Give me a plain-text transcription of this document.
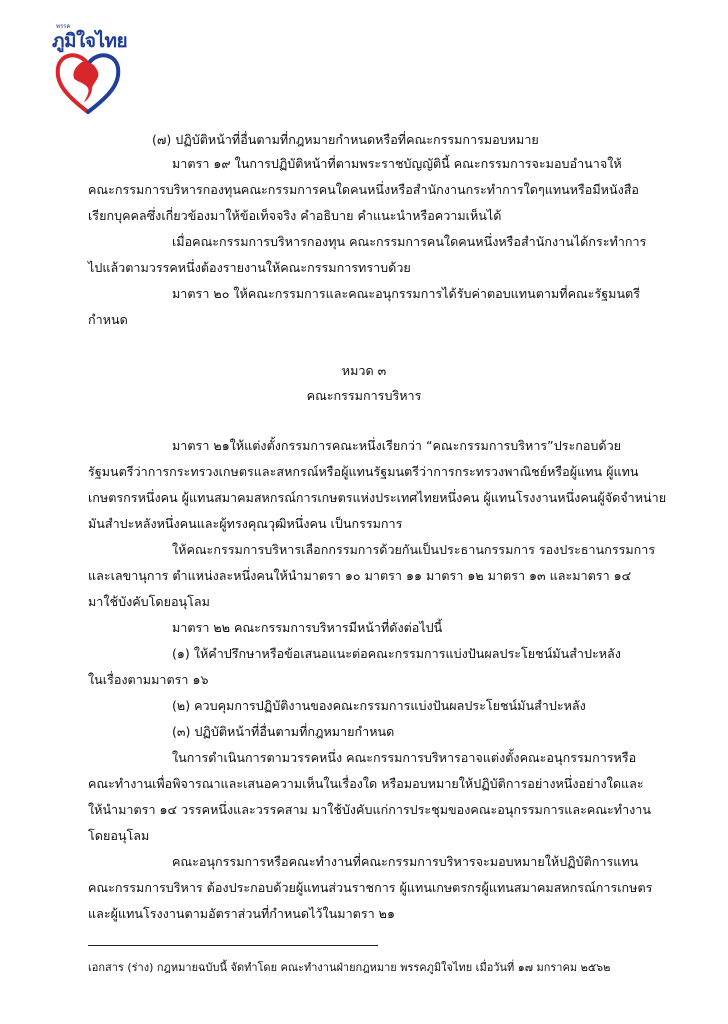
พรรค
ภูมิใจไทย
(๗) ปฏิบัติหน้าที่อื่นตามที่กฎหมายกำหนดหรือที่คณะกรรมการมอบหมาย
มาตรา ๑๙ ในการปฏิบัติหน้าที่ตามพระราชบัญญัตินี้ คณะกรรมการจะมอบอำนาจให้
คณะกรรมการบริหารกองทุนคณะกรรมการคนใดคนหนึ่งหรือสำนักงานกระทำการใดๆแทนหรือมีหนังสือ
เรียกบุคคลซึ่งเกี่ยวข้องมาให้ข้อเท็จจริง คำอธิบาย คำแนะนำหรือความเห็นได้
เมื่อคณะกรรมการบริหารกองทุน คณะกรรมการคนใดคนหนึ่งหรือสำนักงานได้กระทำการ
ไปแล้วตามวรรคหนึ่งต้องรายงานให้คณะกรรมการทราบด้วย
มาตรา ๒๐ ให้คณะกรรมการและคณะอนุกรรมการได้รับค่าตอบแทนตามที่คณะรัฐมนตรี
กำหนด
หมวด ๓
คณะกรรมการบริหาร
มาตรา ๒๑ให้แต่งตั้งกรรมการคณะหนึ่งเรียกว่า “คณะกรรมการบริหาร”ประกอบด้วย
รัฐมนตรีว่าการกระทรวงเกษตรและสหกรณ์หรือผู้แทนรัฐมนตรีว่าการกระทรวงพาณิชย์หรือผู้แทน ผู้แทน
เกษตรกรหนึ่งคน ผู้แทนสมาคมสหกรณ์การเกษตรแห่งประเทศไทยหนึ่งคน ผู้แทนโรงงานหนึ่งคนผู้จัดจำหน่าย
มันสำปะหลังหนึ่งคนและผู้ทรงคุณวุฒิหนึ่งคน เป็นกรรมการ
ให้คณะกรรมการบริหารเลือกกรรมการด้วยกันเป็นประธานกรรมการ รองประธานกรรมการ
และเลขานุการ ตำแหน่งละหนึ่งคนให้นำมาตรา ๑๐ มาตรา ๑๑ มาตรา ๑๒ มาตรา ๑๓ และมาตรา ๑๔
มาใช้บังคับโดยอนุโลม
มาตรา ๒๒ คณะกรรมการบริหารมีหน้าที่ดังต่อไปนี้
(๑) ให้คำปรึกษาหรือข้อเสนอแนะต่อคณะกรรมการแบ่งปันผลประโยชน์มันสำปะหลัง
ในเรื่องตามมาตรา ๑๖
(๒) ควบคุมการปฏิบัติงานของคณะกรรมการแบ่งปันผลประโยชน์มันสำปะหลัง
(๓) ปฏิบัติหน้าที่อื่นตามที่กฎหมายกำหนด
ในการดำเนินการตามวรรคหนึ่ง คณะกรรมการบริหารอาจแต่งตั้งคณะอนุกรรมการหรือ
คณะทำงานเพื่อพิจารณาและเสนอความเห็นในเรื่องใด หรือมอบหมายให้ปฏิบัติการอย่างหนึ่งอย่างใดและ
ให้นำมาตรา ๑๔ วรรคหนึ่งและวรรคสาม มาใช้บังคับแก่การประชุมของคณะอนุกรรมการและคณะทำงาน
โดยอนุโลม
คณะอนุกรรมการหรือคณะทำงานที่คณะกรรมการบริหารจะมอบหมายให้ปฏิบัติการแทน
คณะกรรมการบริหาร ต้องประกอบด้วยผู้แทนส่วนราชการ ผู้แทนเกษตรกรผู้แทนสมาคมสหกรณ์การเกษตร
และผู้แทนโรงงานตามอัตราส่วนที่กำหนดไว้ในมาตรา ๒๑
เอกสาร (ร่าง) กฎหมายฉบับนี้ จัดทำโดย คณะทำงานฝ่ายกฎหมาย พรรคภูมิใจไทย เมื่อวันที่ ๑๗ มกราคม ๒๕๖๒
